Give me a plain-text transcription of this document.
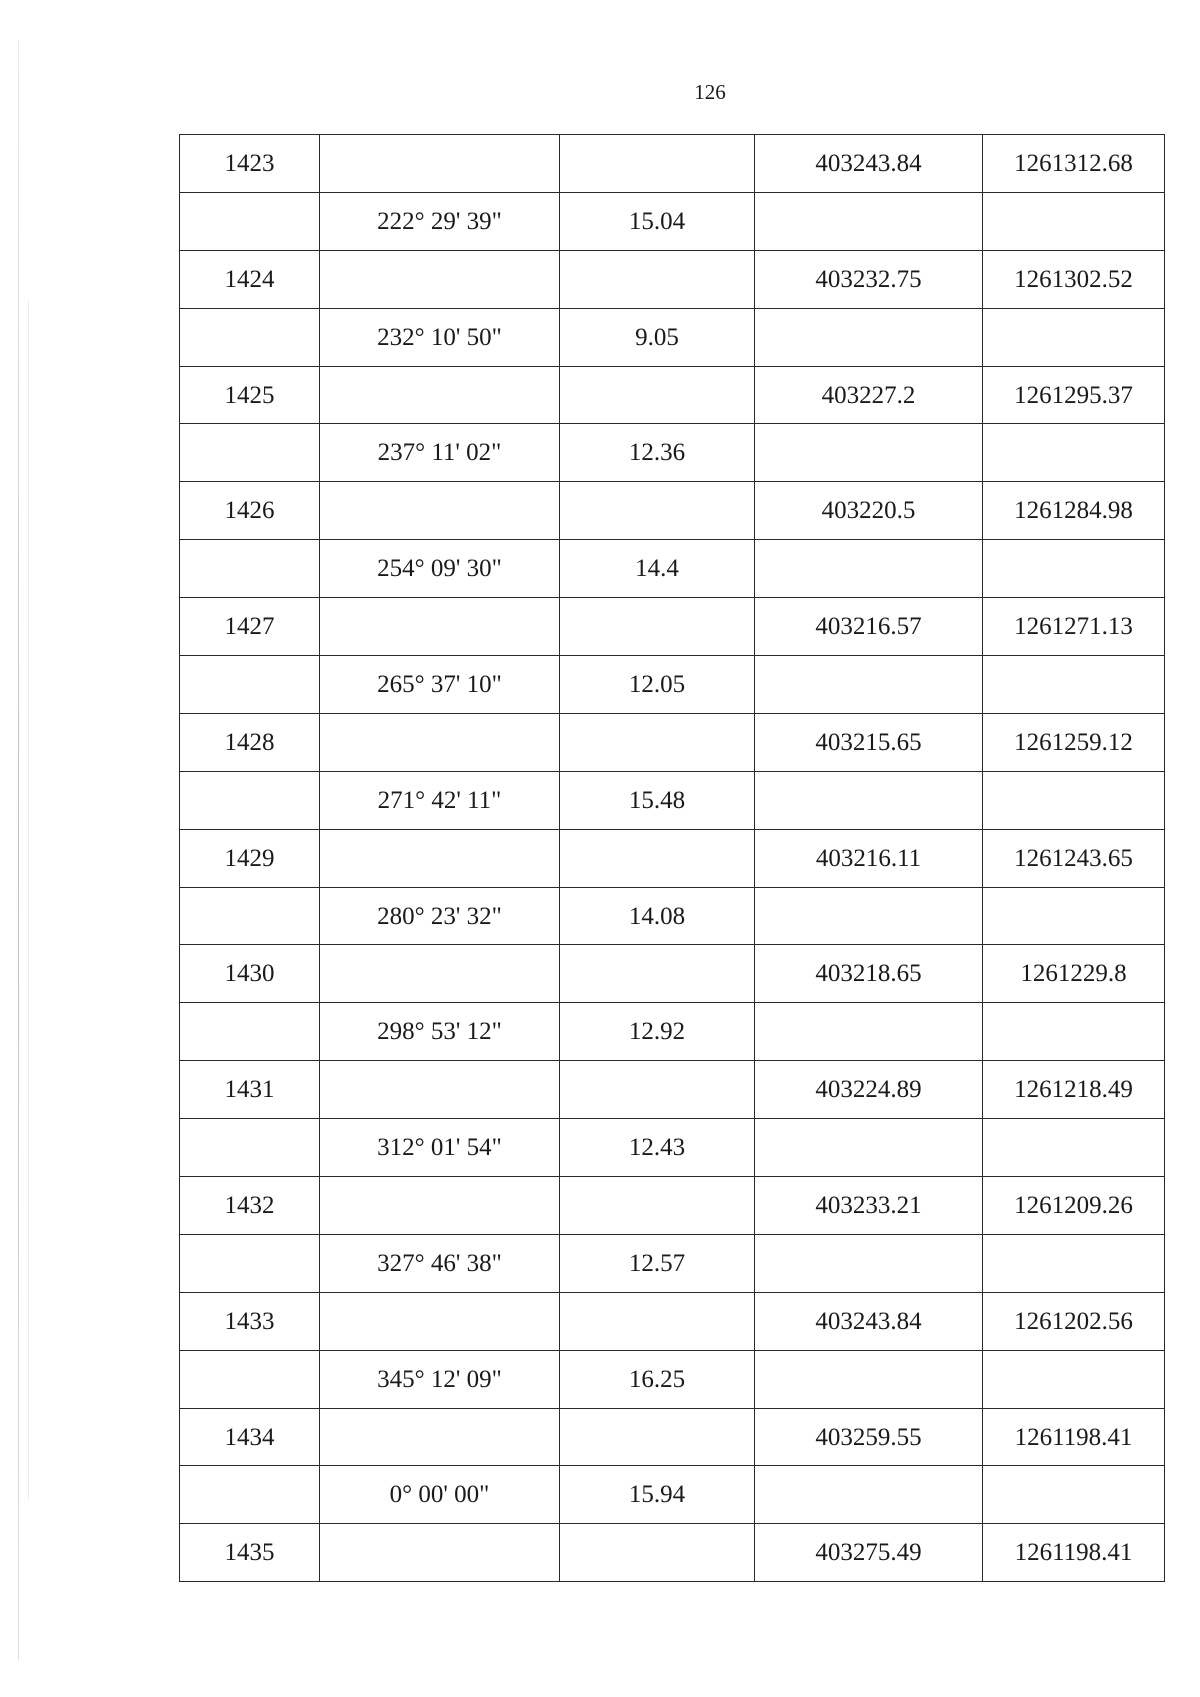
126
1423			403243.84	1261312.68
	222° 29' 39"	15.04		
1424			403232.75	1261302.52
	232° 10' 50"	9.05		
1425			403227.2	1261295.37
	237° 11' 02"	12.36		
1426			403220.5	1261284.98
	254° 09' 30"	14.4		
1427			403216.57	1261271.13
	265° 37' 10"	12.05		
1428			403215.65	1261259.12
	271° 42' 11"	15.48		
1429			403216.11	1261243.65
	280° 23' 32"	14.08		
1430			403218.65	1261229.8
	298° 53' 12"	12.92		
1431			403224.89	1261218.49
	312° 01' 54"	12.43		
1432			403233.21	1261209.26
	327° 46' 38"	12.57		
1433			403243.84	1261202.56
	345° 12' 09"	16.25		
1434			403259.55	1261198.41
	0° 00' 00"	15.94		
1435			403275.49	1261198.41
